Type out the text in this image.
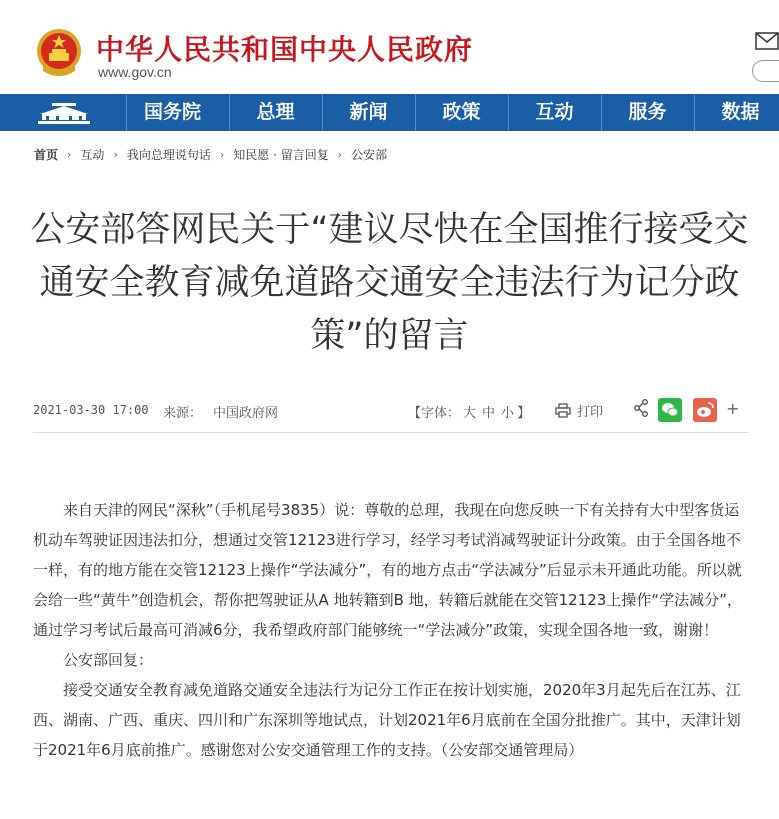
中华人民共和国中央人民政府
www.gov.cn
国务院	总理	新闻	政策	互动	服务	数据
首页 › 互动 › 我向总理说句话 › 知民愿 · 留言回复 › 公安部
公安部答网民关于“建议尽快在全国推行接受交通安全教育减免道路交通安全违法行为记分政策”的留言
2021-03-30 17:00 来源： 中国政府网	【字体： 大 中 小 】	打印	+

来自天津的网民“深秋”（手机尾号3835）说：尊敬的总理，我现在向您反映一下有关持有大中型客货运机动车驾驶证因违法扣分，想通过交管12123进行学习，经学习考试消减驾驶证计分政策。由于全国各地不一样，有的地方能在交管12123上操作“学法减分”，有的地方点击“学法减分”后显示未开通此功能。所以就会给一些“黄牛”创造机会，帮你把驾驶证从A 地转籍到B 地，转籍后就能在交管12123上操作“学法减分”，通过学习考试后最高可消减6分，我希望政府部门能够统一“学法减分”政策，实现全国各地一致，谢谢！

公安部回复：

接受交通安全教育减免道路交通安全违法行为记分工作正在按计划实施，2020年3月起先后在江苏、江西、湖南、广西、重庆、四川和广东深圳等地试点，计划2021年6月底前在全国分批推广。其中，天津计划于2021年6月底前推广。感谢您对公安交通管理工作的支持。（公安部交通管理局）
